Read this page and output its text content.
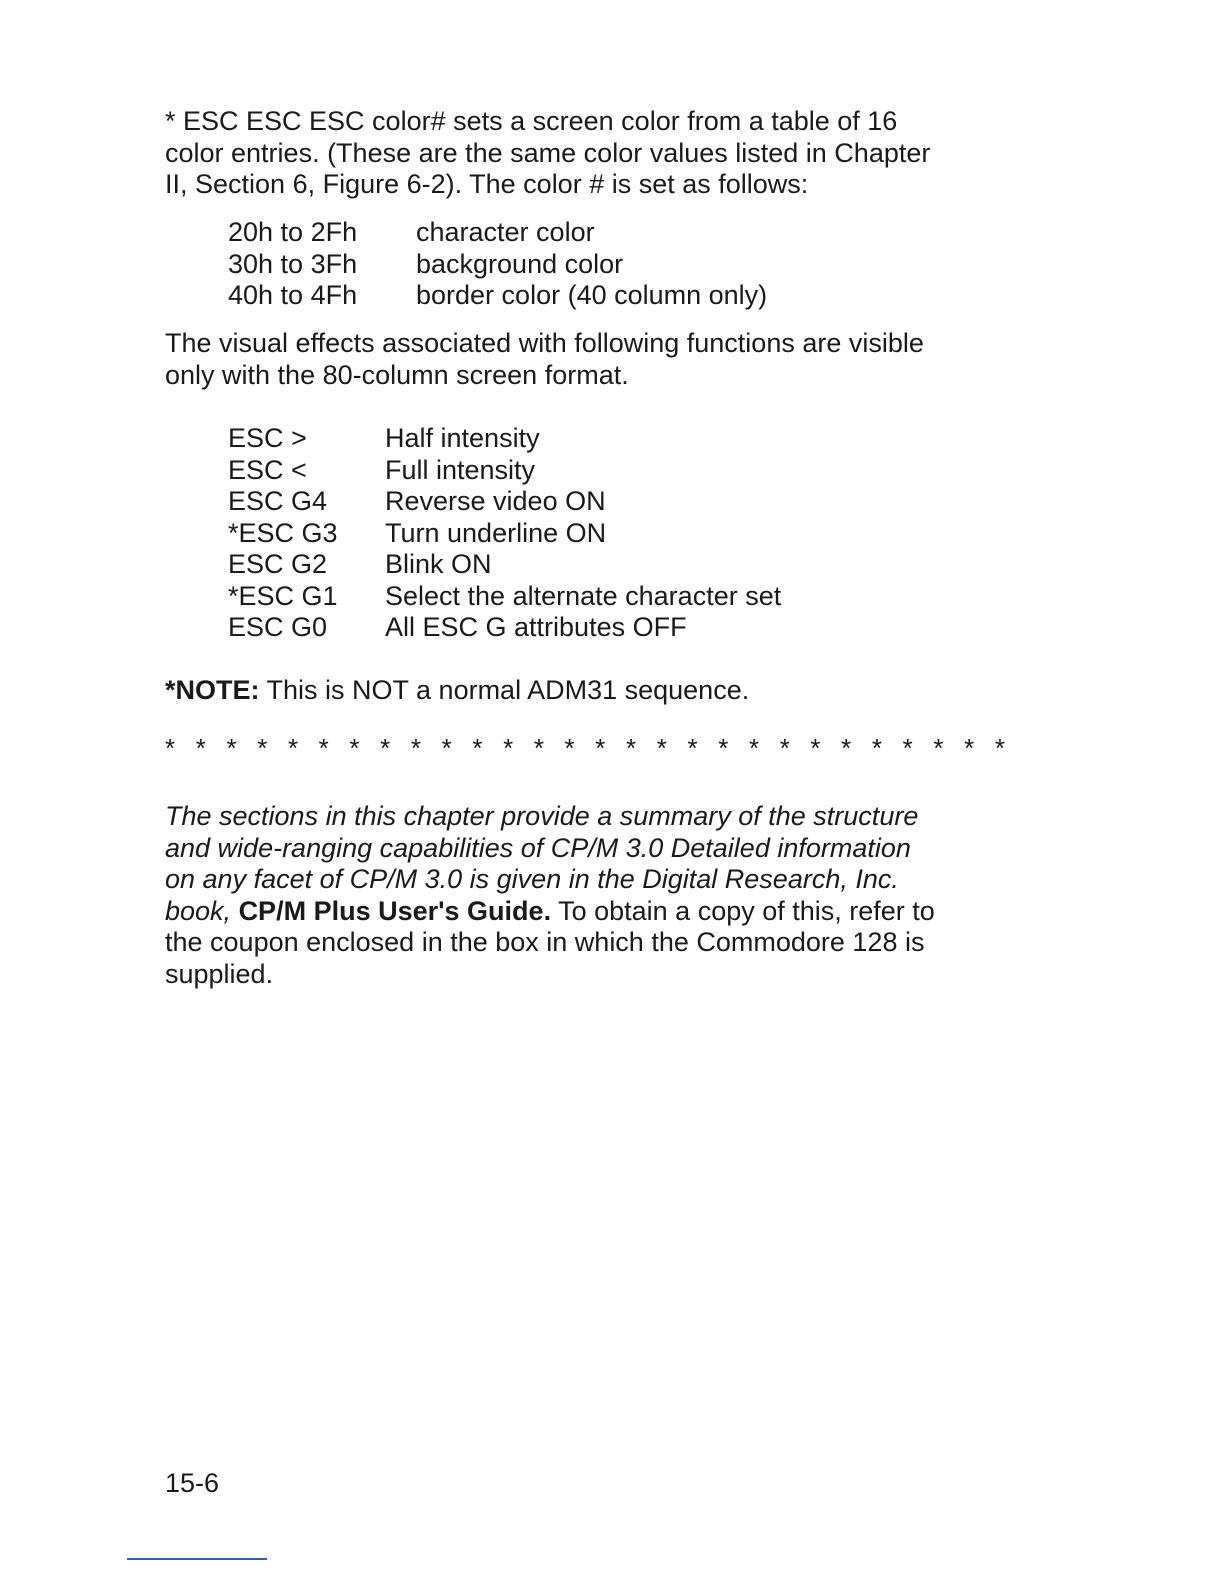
* ESC ESC ESC color# sets a screen color from a table of 16
color entries. (These are the same color values listed in Chapter
II, Section 6, Figure 6-2). The color # is set as follows:

20h to 2Fh	character color
30h to 3Fh	background color
40h to 4Fh	border color (40 column only)

The visual effects associated with following functions are visible
only with the 80-column screen format.

ESC >	Half intensity
ESC <	Full intensity
ESC G4	Reverse video ON
*ESC G3	Turn underline ON
ESC G2	Blink ON
*ESC G1	Select the alternate character set
ESC G0	All ESC G attributes OFF

*NOTE: This is NOT a normal ADM31 sequence.

* * * * * * * * * * * * * * * * * * * * * * * * * * * *

The sections in this chapter provide a summary of the structure
and wide-ranging capabilities of CP/M 3.0 Detailed information
on any facet of CP/M 3.0 is given in the Digital Research, Inc.
book, CP/M Plus User's Guide. To obtain a copy of this, refer to
the coupon enclosed in the box in which the Commodore 128 is
supplied.

15-6
